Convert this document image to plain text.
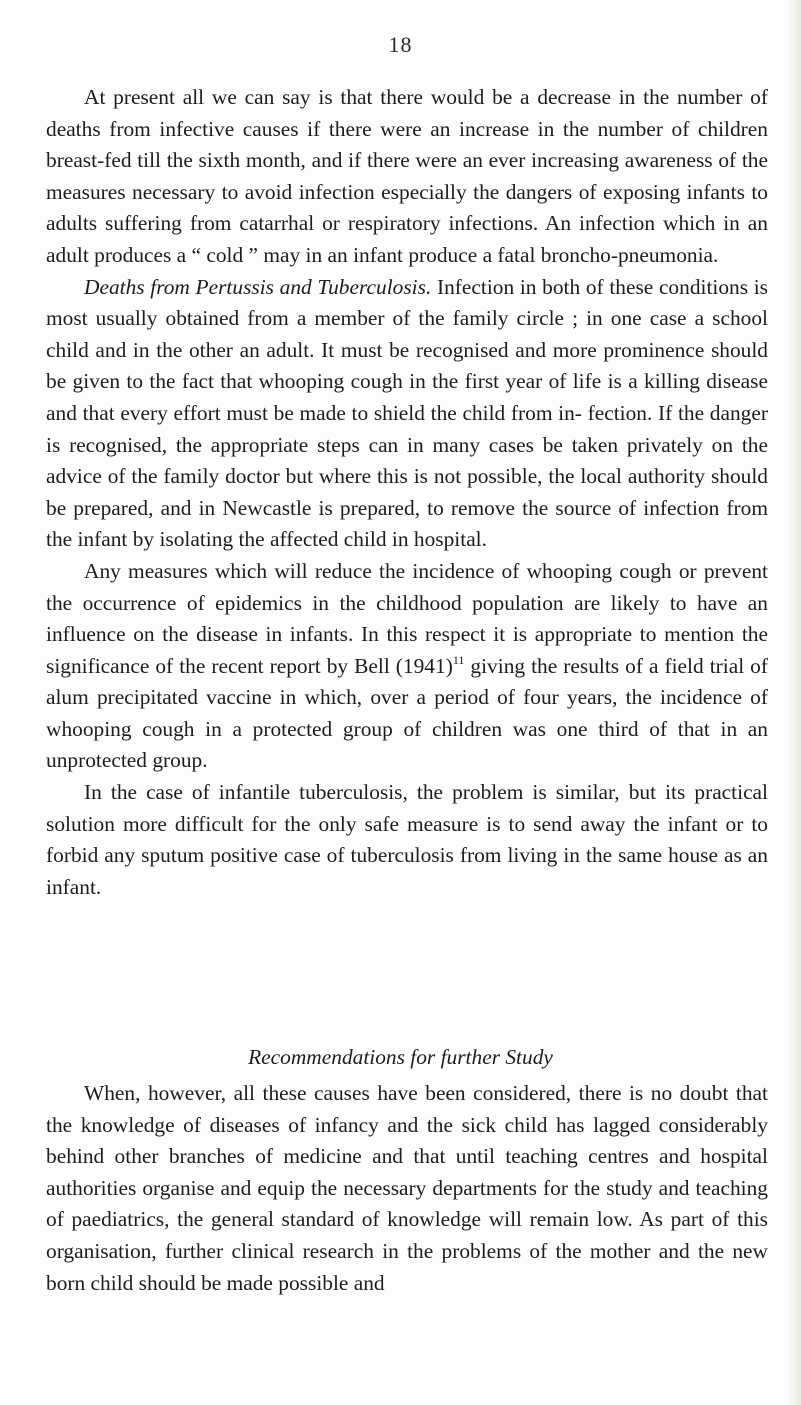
18

At present all we can say is that there would be a decrease in the number of deaths from infective causes if there were an increase in the number of children breast-fed till the sixth month, and if there were an ever increasing awareness of the measures necessary to avoid infection especially the dangers of exposing infants to adults suffering from catarrhal or respiratory infections. An infection which in an adult produces a “ cold ” may in an infant produce a fatal broncho-pneumonia.

Deaths from Pertussis and Tuberculosis. Infection in both of these conditions is most usually obtained from a member of the family circle ; in one case a school child and in the other an adult. It must be recognised and more prominence should be given to the fact that whooping cough in the first year of life is a killing disease and that every effort must be made to shield the child from in- fection. If the danger is recognised, the appropriate steps can in many cases be taken privately on the advice of the family doctor but where this is not possible, the local authority should be prepared, and in Newcastle is prepared, to remove the source of infection from the infant by isolating the affected child in hospital.

Any measures which will reduce the incidence of whooping cough or prevent the occurrence of epidemics in the childhood population are likely to have an influence on the disease in infants. In this respect it is appropriate to mention the significance of the recent report by Bell (1941)$^{11}$ giving the results of a field trial of alum precipitated vaccine in which, over a period of four years, the incidence of whooping cough in a protected group of children was one third of that in an unprotected group.

In the case of infantile tuberculosis, the problem is similar, but its practical solution more difficult for the only safe measure is to send away the infant or to forbid any sputum positive case of tuberculosis from living in the same house as an infant.

Recommendations for further Study

When, however, all these causes have been considered, there is no doubt that the knowledge of diseases of infancy and the sick child has lagged considerably behind other branches of medicine and that until teaching centres and hospital authorities organise and equip the necessary departments for the study and teaching of paediatrics, the general standard of knowledge will remain low. As part of this organisation, further clinical research in the problems of the mother and the new born child should be made possible and
